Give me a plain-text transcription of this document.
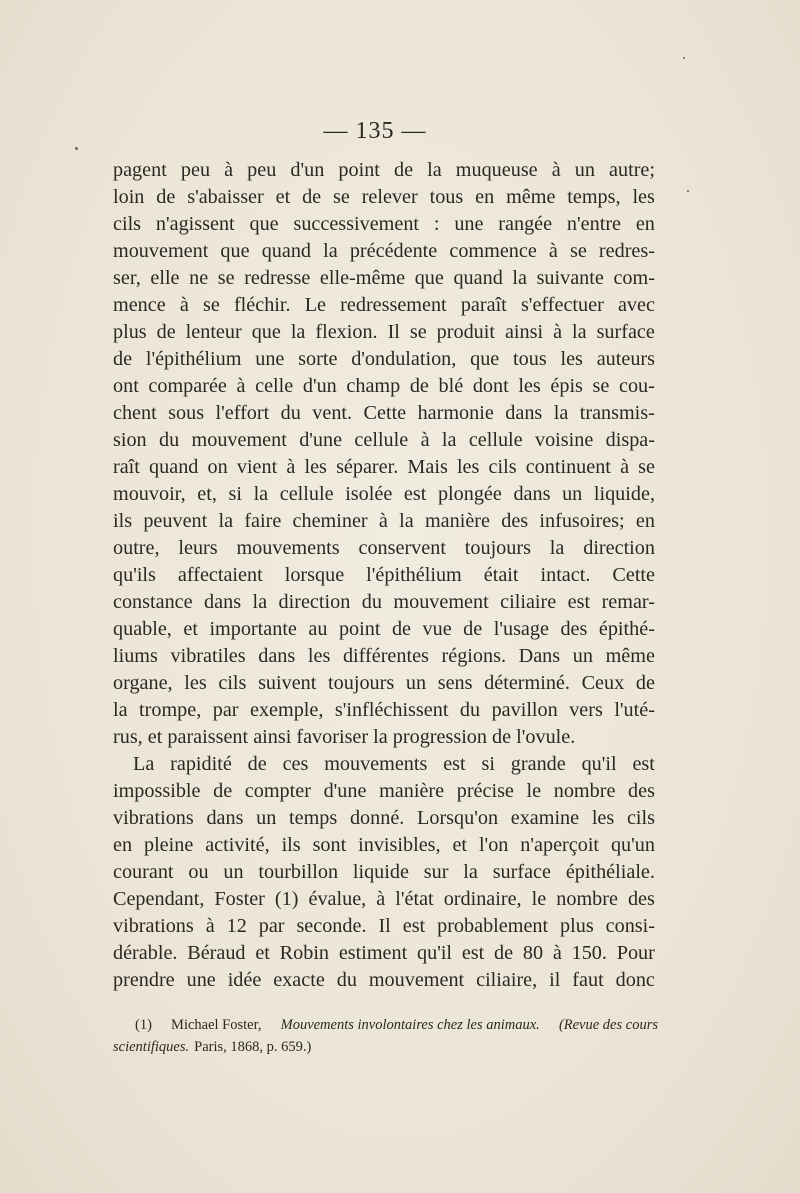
— 135 —
pagent peu à peu d'un point de la muqueuse à un autre;
loin de s'abaisser et de se relever tous en même temps, les
cils n'agissent que successivement : une rangée n'entre en
mouvement que quand la précédente commence à se redres-
ser, elle ne se redresse elle-même que quand la suivante com-
mence à se fléchir. Le redressement paraît s'effectuer avec
plus de lenteur que la flexion. Il se produit ainsi à la surface
de l'épithélium une sorte d'ondulation, que tous les auteurs
ont comparée à celle d'un champ de blé dont les épis se cou-
chent sous l'effort du vent. Cette harmonie dans la transmis-
sion du mouvement d'une cellule à la cellule voisine dispa-
raît quand on vient à les séparer. Mais les cils continuent à se
mouvoir, et, si la cellule isolée est plongée dans un liquide,
ils peuvent la faire cheminer à la manière des infusoires; en
outre, leurs mouvements conservent toujours la direction
qu'ils affectaient lorsque l'épithélium était intact. Cette
constance dans la direction du mouvement ciliaire est remar-
quable, et importante au point de vue de l'usage des épithé-
liums vibratiles dans les différentes régions. Dans un même
organe, les cils suivent toujours un sens déterminé. Ceux de
la trompe, par exemple, s'infléchissent du pavillon vers l'uté-
rus, et paraissent ainsi favoriser la progression de l'ovule.
La rapidité de ces mouvements est si grande qu'il est
impossible de compter d'une manière précise le nombre des
vibrations dans un temps donné. Lorsqu'on examine les cils
en pleine activité, ils sont invisibles, et l'on n'aperçoit qu'un
courant ou un tourbillon liquide sur la surface épithéliale.
Cependant, Foster (1) évalue, à l'état ordinaire, le nombre des
vibrations à 12 par seconde. Il est probablement plus consi-
dérable. Béraud et Robin estiment qu'il est de 80 à 150. Pour
prendre une idée exacte du mouvement ciliaire, il faut donc
(1) Michael Foster, Mouvements involontaires chez les animaux. (Revue des cours
scientifiques. Paris, 1868, p. 659.)
